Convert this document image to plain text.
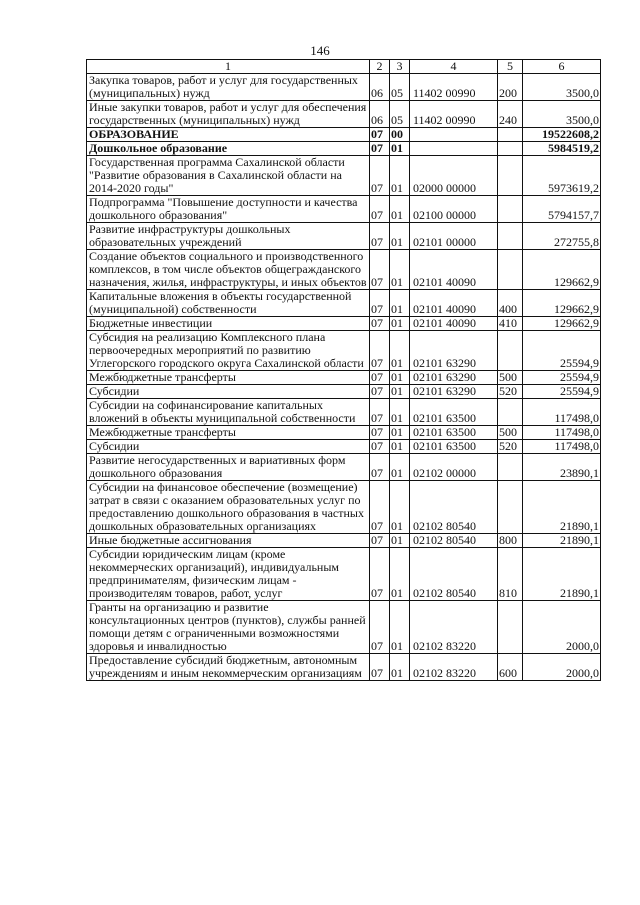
146
1	2	3	4	5	6
Закупка товаров, работ и услуг для государственных (муниципальных) нужд	06	05	11402 00990	200	3500,0
Иные закупки товаров, работ и услуг для обеспечения государственных (муниципальных) нужд	06	05	11402 00990	240	3500,0
ОБРАЗОВАНИЕ	07	00			19522608,2
Дошкольное образование	07	01			5984519,2
Государственная программа Сахалинской области "Развитие образования в Сахалинской области на 2014-2020 годы"	07	01	02000 00000		5973619,2
Подпрограмма "Повышение доступности и качества дошкольного образования"	07	01	02100 00000		5794157,7
Развитие инфраструктуры дошкольных образовательных учреждений	07	01	02101 00000		272755,8
Создание объектов социального и производственного комплексов, в том числе объектов общегражданского назначения, жилья, инфраструктуры, и иных объектов	07	01	02101 40090		129662,9
Капитальные вложения в объекты государственной (муниципальной) собственности	07	01	02101 40090	400	129662,9
Бюджетные инвестиции	07	01	02101 40090	410	129662,9
Субсидия на реализацию Комплексного плана первоочередных мероприятий по развитию Углегорского городского округа Сахалинской области	07	01	02101 63290		25594,9
Межбюджетные трансферты	07	01	02101 63290	500	25594,9
Субсидии	07	01	02101 63290	520	25594,9
Субсидии на софинансирование капитальных вложений в объекты муниципальной собственности	07	01	02101 63500		117498,0
Межбюджетные трансферты	07	01	02101 63500	500	117498,0
Субсидии	07	01	02101 63500	520	117498,0
Развитие негосударственных и вариативных форм дошкольного образования	07	01	02102 00000		23890,1
Субсидии на финансовое обеспечение (возмещение) затрат в связи с оказанием образовательных услуг по предоставлению дошкольного образования в частных дошкольных образовательных организациях	07	01	02102 80540		21890,1
Иные бюджетные ассигнования	07	01	02102 80540	800	21890,1
Субсидии юридическим лицам (кроме некоммерческих организаций), индивидуальным предпринимателям, физическим лицам - производителям товаров, работ, услуг	07	01	02102 80540	810	21890,1
Гранты на организацию и развитие консультационных центров (пунктов), службы ранней помощи детям с ограниченными возможностями здоровья и инвалидностью	07	01	02102 83220		2000,0
Предоставление субсидий бюджетным, автономным учреждениям и иным некоммерческим организациям	07	01	02102 83220	600	2000,0
